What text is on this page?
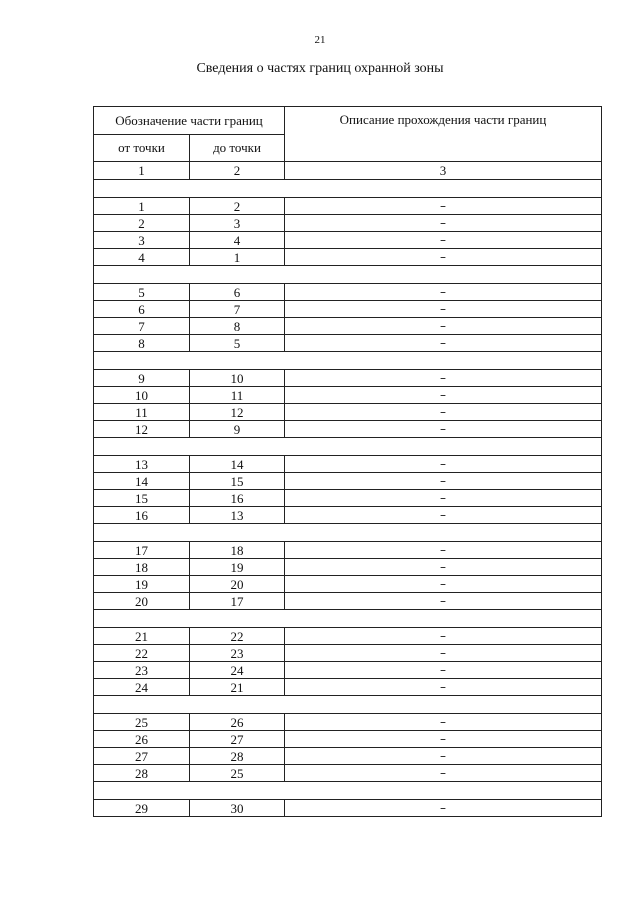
21
Сведения о частях границ охранной зоны
Обозначение части границ		Описание прохождения части границ
от точки	до точки	
1	2	3

1	2	–
2	3	–
3	4	–
4	1	–

5	6	–
6	7	–
7	8	–
8	5	–

9	10	–
10	11	–
11	12	–
12	9	–

13	14	–
14	15	–
15	16	–
16	13	–

17	18	–
18	19	–
19	20	–
20	17	–

21	22	–
22	23	–
23	24	–
24	21	–

25	26	–
26	27	–
27	28	–
28	25	–

29	30	–
